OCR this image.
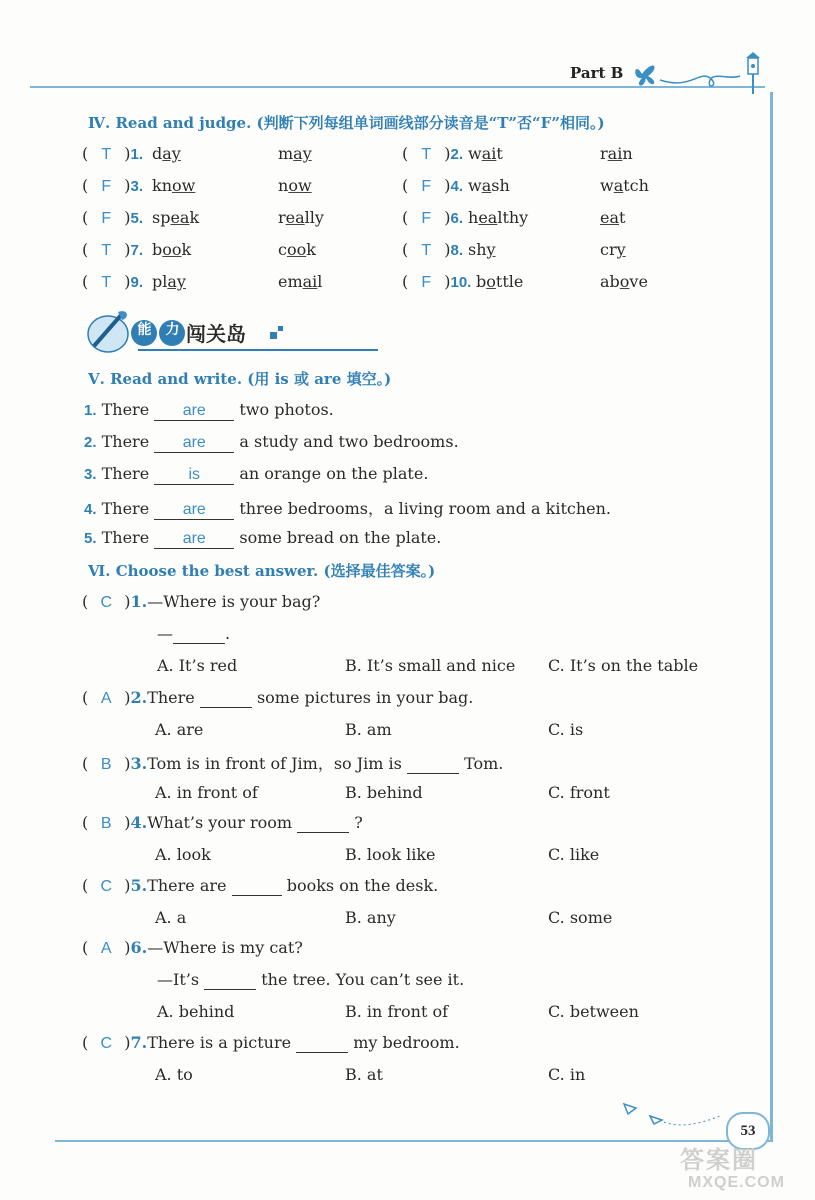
Part B
Ⅳ. Read and judge. (判断下列每组单词画线部分读音是“T”否“F”相同。)
( T )1. day	may	( T )2. wait	rain
( F )3. know	now	( F )4. wash	watch
( F )5. speak	really	( F )6. healthy	eat
( T )7. book	cook	( T )8. shy	cry
( T )9. play	email	( F )10. bottle	above
能 力 闯关岛
Ⅴ. Read and write. (用 is 或 are 填空。)
1. There are two photos.
2. There are a study and two bedrooms.
3. There is an orange on the plate.
4. There are three bedrooms，a living room and a kitchen.
5. There are some bread on the plate.
Ⅵ. Choose the best answer. (选择最佳答案。)
( C )1.—Where is your bag?
—	.
A. It’s red	B. It’s small and nice C. It’s on the table
( A )2.There	some pictures in your bag.
A. are	B. am	C. is
( B )3.Tom is in front of Jim，so Jim is	Tom.
A. in front of	B. behind	C. front
( B )4.What’s your room	?
A. look	B. look like	C. like
( C )5.There are	books on the desk.
A. a	B. any	C. some
( C )7.There is a picture	my bedroom.
A. to	B. at	C. in
( A )6.—Where is my cat?
—It’s	the tree. You can’t see it.
A. behind	B. in front of	C. between
53
答案圈
MXQE.COM
